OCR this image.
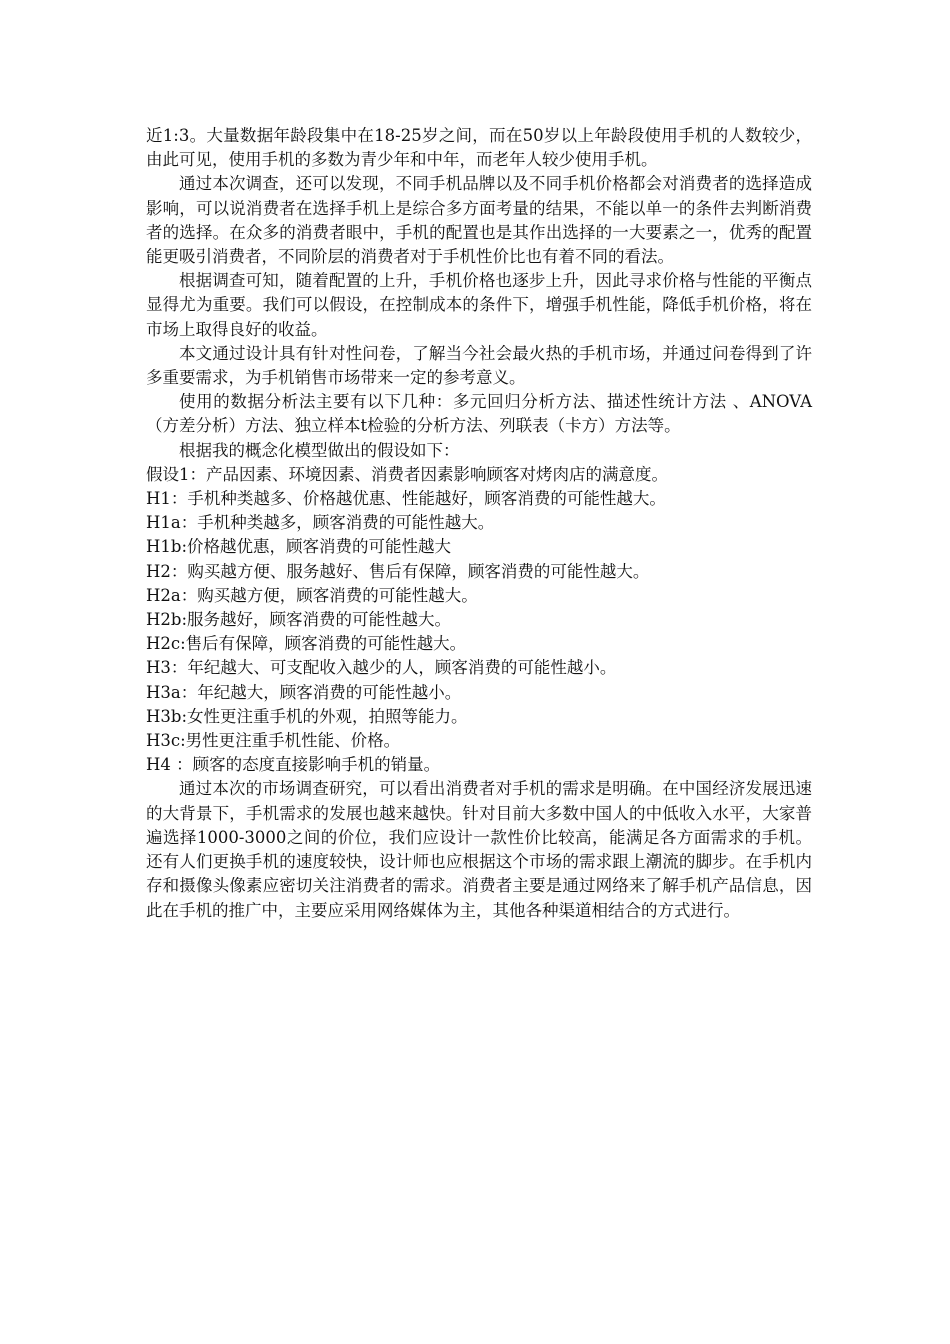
近1:3。大量数据年龄段集中在18-25岁之间，而在50岁以上年龄段使用手机的人数较少，由此可见，使用手机的多数为青少年和中年，而老年人较少使用手机。

通过本次调查，还可以发现，不同手机品牌以及不同手机价格都会对消费者的选择造成影响，可以说消费者在选择手机上是综合多方面考量的结果，不能以单一的条件去判断消费者的选择。在众多的消费者眼中，手机的配置也是其作出选择的一大要素之一，优秀的配置能更吸引消费者，不同阶层的消费者对于手机性价比也有着不同的看法。

根据调查可知，随着配置的上升，手机价格也逐步上升，因此寻求价格与性能的平衡点显得尤为重要。我们可以假设，在控制成本的条件下，增强手机性能，降低手机价格，将在市场上取得良好的收益。

本文通过设计具有针对性问卷，了解当今社会最火热的手机市场，并通过问卷得到了许多重要需求，为手机销售市场带来一定的参考意义。

使用的数据分析法主要有以下几种：多元回归分析方法、描述性统计方法 、ANOVA（方差分析）方法、独立样本t检验的分析方法、列联表（卡方）方法等。

根据我的概念化模型做出的假设如下：

假设1：产品因素、环境因素、消费者因素影响顾客对烤肉店的满意度。

H1：手机种类越多、价格越优惠、性能越好，顾客消费的可能性越大。

H1a：手机种类越多，顾客消费的可能性越大。

H1b:价格越优惠，顾客消费的可能性越大

H2：购买越方便、服务越好、售后有保障，顾客消费的可能性越大。

H2a：购买越方便，顾客消费的可能性越大。

H2b:服务越好，顾客消费的可能性越大。

H2c:售后有保障，顾客消费的可能性越大。

H3：年纪越大、可支配收入越少的人，顾客消费的可能性越小。

H3a：年纪越大，顾客消费的可能性越小。

H3b:女性更注重手机的外观，拍照等能力。

H3c:男性更注重手机性能、价格。

H4 ：顾客的态度直接影响手机的销量。

通过本次的市场调查研究，可以看出消费者对手机的需求是明确。在中国经济发展迅速的大背景下，手机需求的发展也越来越快。针对目前大多数中国人的中低收入水平，大家普遍选择1000-3000之间的价位，我们应设计一款性价比较高，能满足各方面需求的手机。还有人们更换手机的速度较快，设计师也应根据这个市场的需求跟上潮流的脚步。在手机内存和摄像头像素应密切关注消费者的需求。消费者主要是通过网络来了解手机产品信息，因此在手机的推广中，主要应采用网络媒体为主，其他各种渠道相结合的方式进行。
